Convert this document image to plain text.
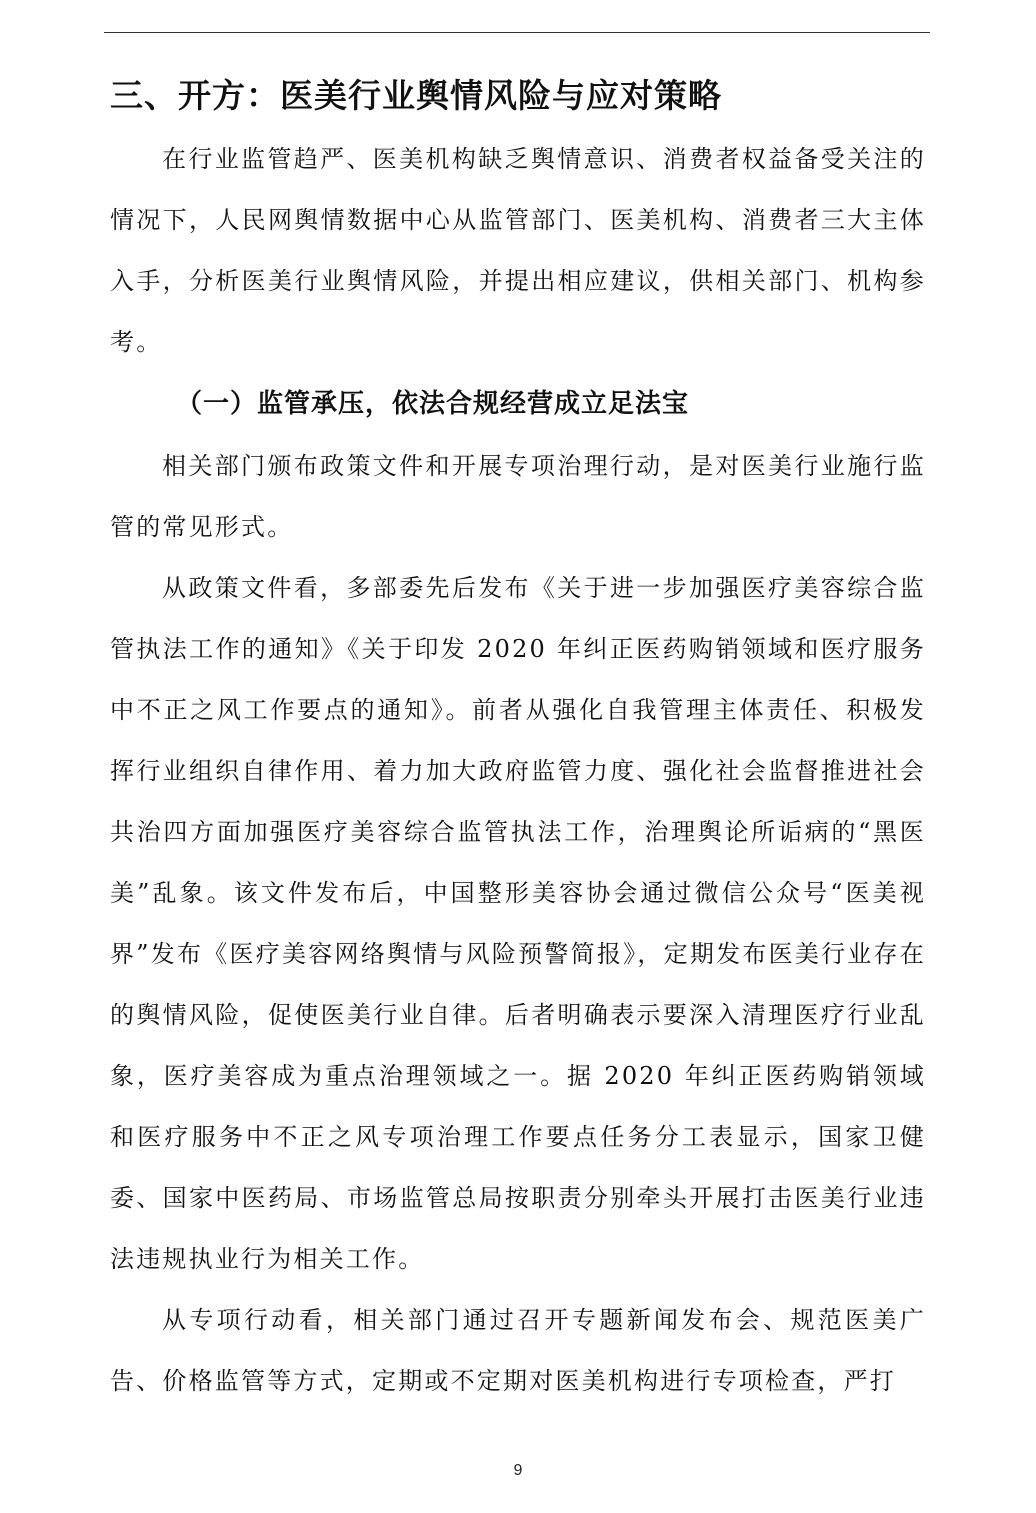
三、开方：医美行业舆情风险与应对策略

在行业监管趋严、医美机构缺乏舆情意识、消费者权益备受关注的情况下，人民网舆情数据中心从监管部门、医美机构、消费者三大主体入手，分析医美行业舆情风险，并提出相应建议，供相关部门、机构参考。

（一）监管承压，依法合规经营成立足法宝

相关部门颁布政策文件和开展专项治理行动，是对医美行业施行监管的常见形式。

从政策文件看，多部委先后发布《关于进一步加强医疗美容综合监管执法工作的通知》《关于印发 2020 年纠正医药购销领域和医疗服务中不正之风工作要点的通知》。前者从强化自我管理主体责任、积极发挥行业组织自律作用、着力加大政府监管力度、强化社会监督推进社会共治四方面加强医疗美容综合监管执法工作，治理舆论所诟病的“黑医美”乱象。该文件发布后，中国整形美容协会通过微信公众号“医美视界”发布《医疗美容网络舆情与风险预警简报》，定期发布医美行业存在的舆情风险，促使医美行业自律。后者明确表示要深入清理医疗行业乱象，医疗美容成为重点治理领域之一。据 2020 年纠正医药购销领域和医疗服务中不正之风专项治理工作要点任务分工表显示，国家卫健委、国家中医药局、市场监管总局按职责分别牵头开展打击医美行业违法违规执业行为相关工作。

从专项行动看，相关部门通过召开专题新闻发布会、规范医美广告、价格监管等方式，定期或不定期对医美机构进行专项检查，严打

9
